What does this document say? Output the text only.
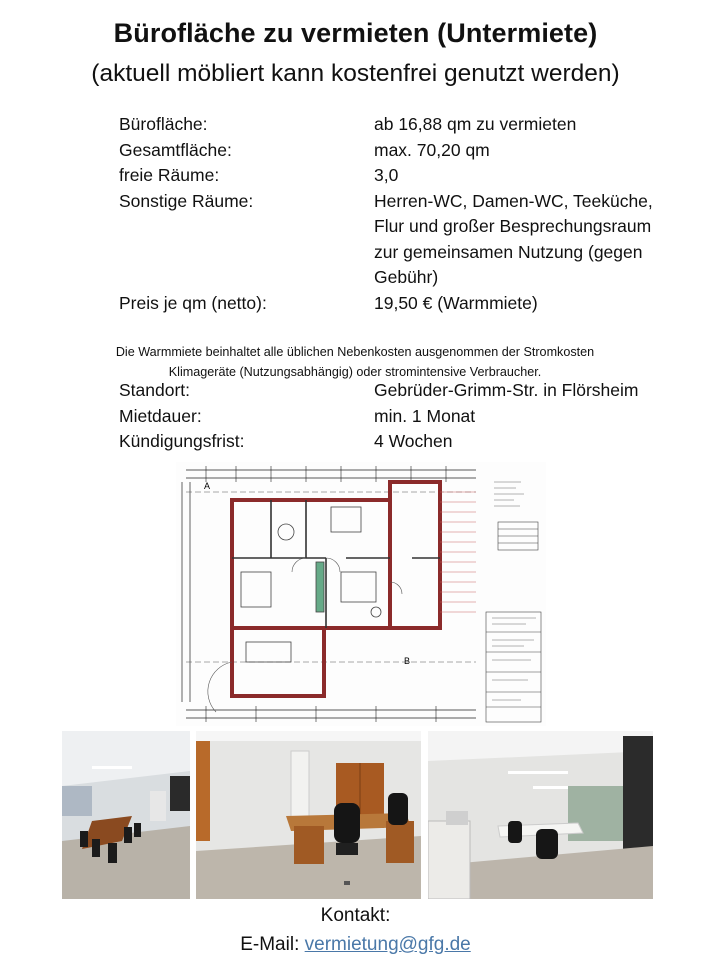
Bürofläche zu vermieten (Untermiete)
(aktuell möbliert kann kostenfrei genutzt werden)
Bürofläche:	ab 16,88 qm zu vermieten
Gesamtfläche:	max. 70,20 qm
freie Räume:	3,0
Sonstige Räume:	Herren-WC, Damen-WC, Teeküche, Flur und großer Besprechungsraum zur gemeinsamen Nutzung (gegen Gebühr)
Preis je qm (netto):	19,50 € (Warmmiete)
Die Warmmiete beinhaltet alle üblichen Nebenkosten ausgenommen der Stromkosten
Klimageräte (Nutzungsabhängig) oder stromintensive Verbraucher.
Standort:	Gebrüder-Grimm-Str. in Flörsheim
Mietdauer:	min. 1 Monat
Kündigungsfrist:	4 Wochen
A
B
Kontakt:
E-Mail: vermietung@gfg.de
